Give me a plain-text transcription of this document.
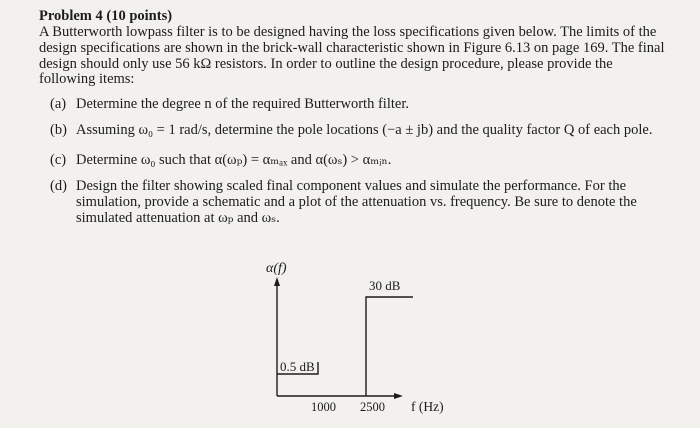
Problem 4 (10 points)
A Butterworth lowpass filter is to be designed having the loss specifications given below. The limits of the design specifications are shown in the brick-wall characteristic shown in Figure 6.13 on page 169. The final design should only use 56 kΩ resistors. In order to outline the design procedure, please provide the following items:
(a) Determine the degree n of the required Butterworth filter.
(b) Assuming ω₀ = 1 rad/s, determine the pole locations (−a ± jb) and the quality factor Q of each pole.
(c) Determine ω₀ such that α(ωₚ) = αₘₐₓ and α(ωₛ) > αₘᵢₙ.
(d) Design the filter showing scaled final component values and simulate the performance. For the simulation, provide a schematic and a plot of the attenuation vs. frequency. Be sure to denote the simulated attenuation at ωₚ and ωₛ.
α(f)
f (Hz)
0.5 dB
30 dB
1000 2500
